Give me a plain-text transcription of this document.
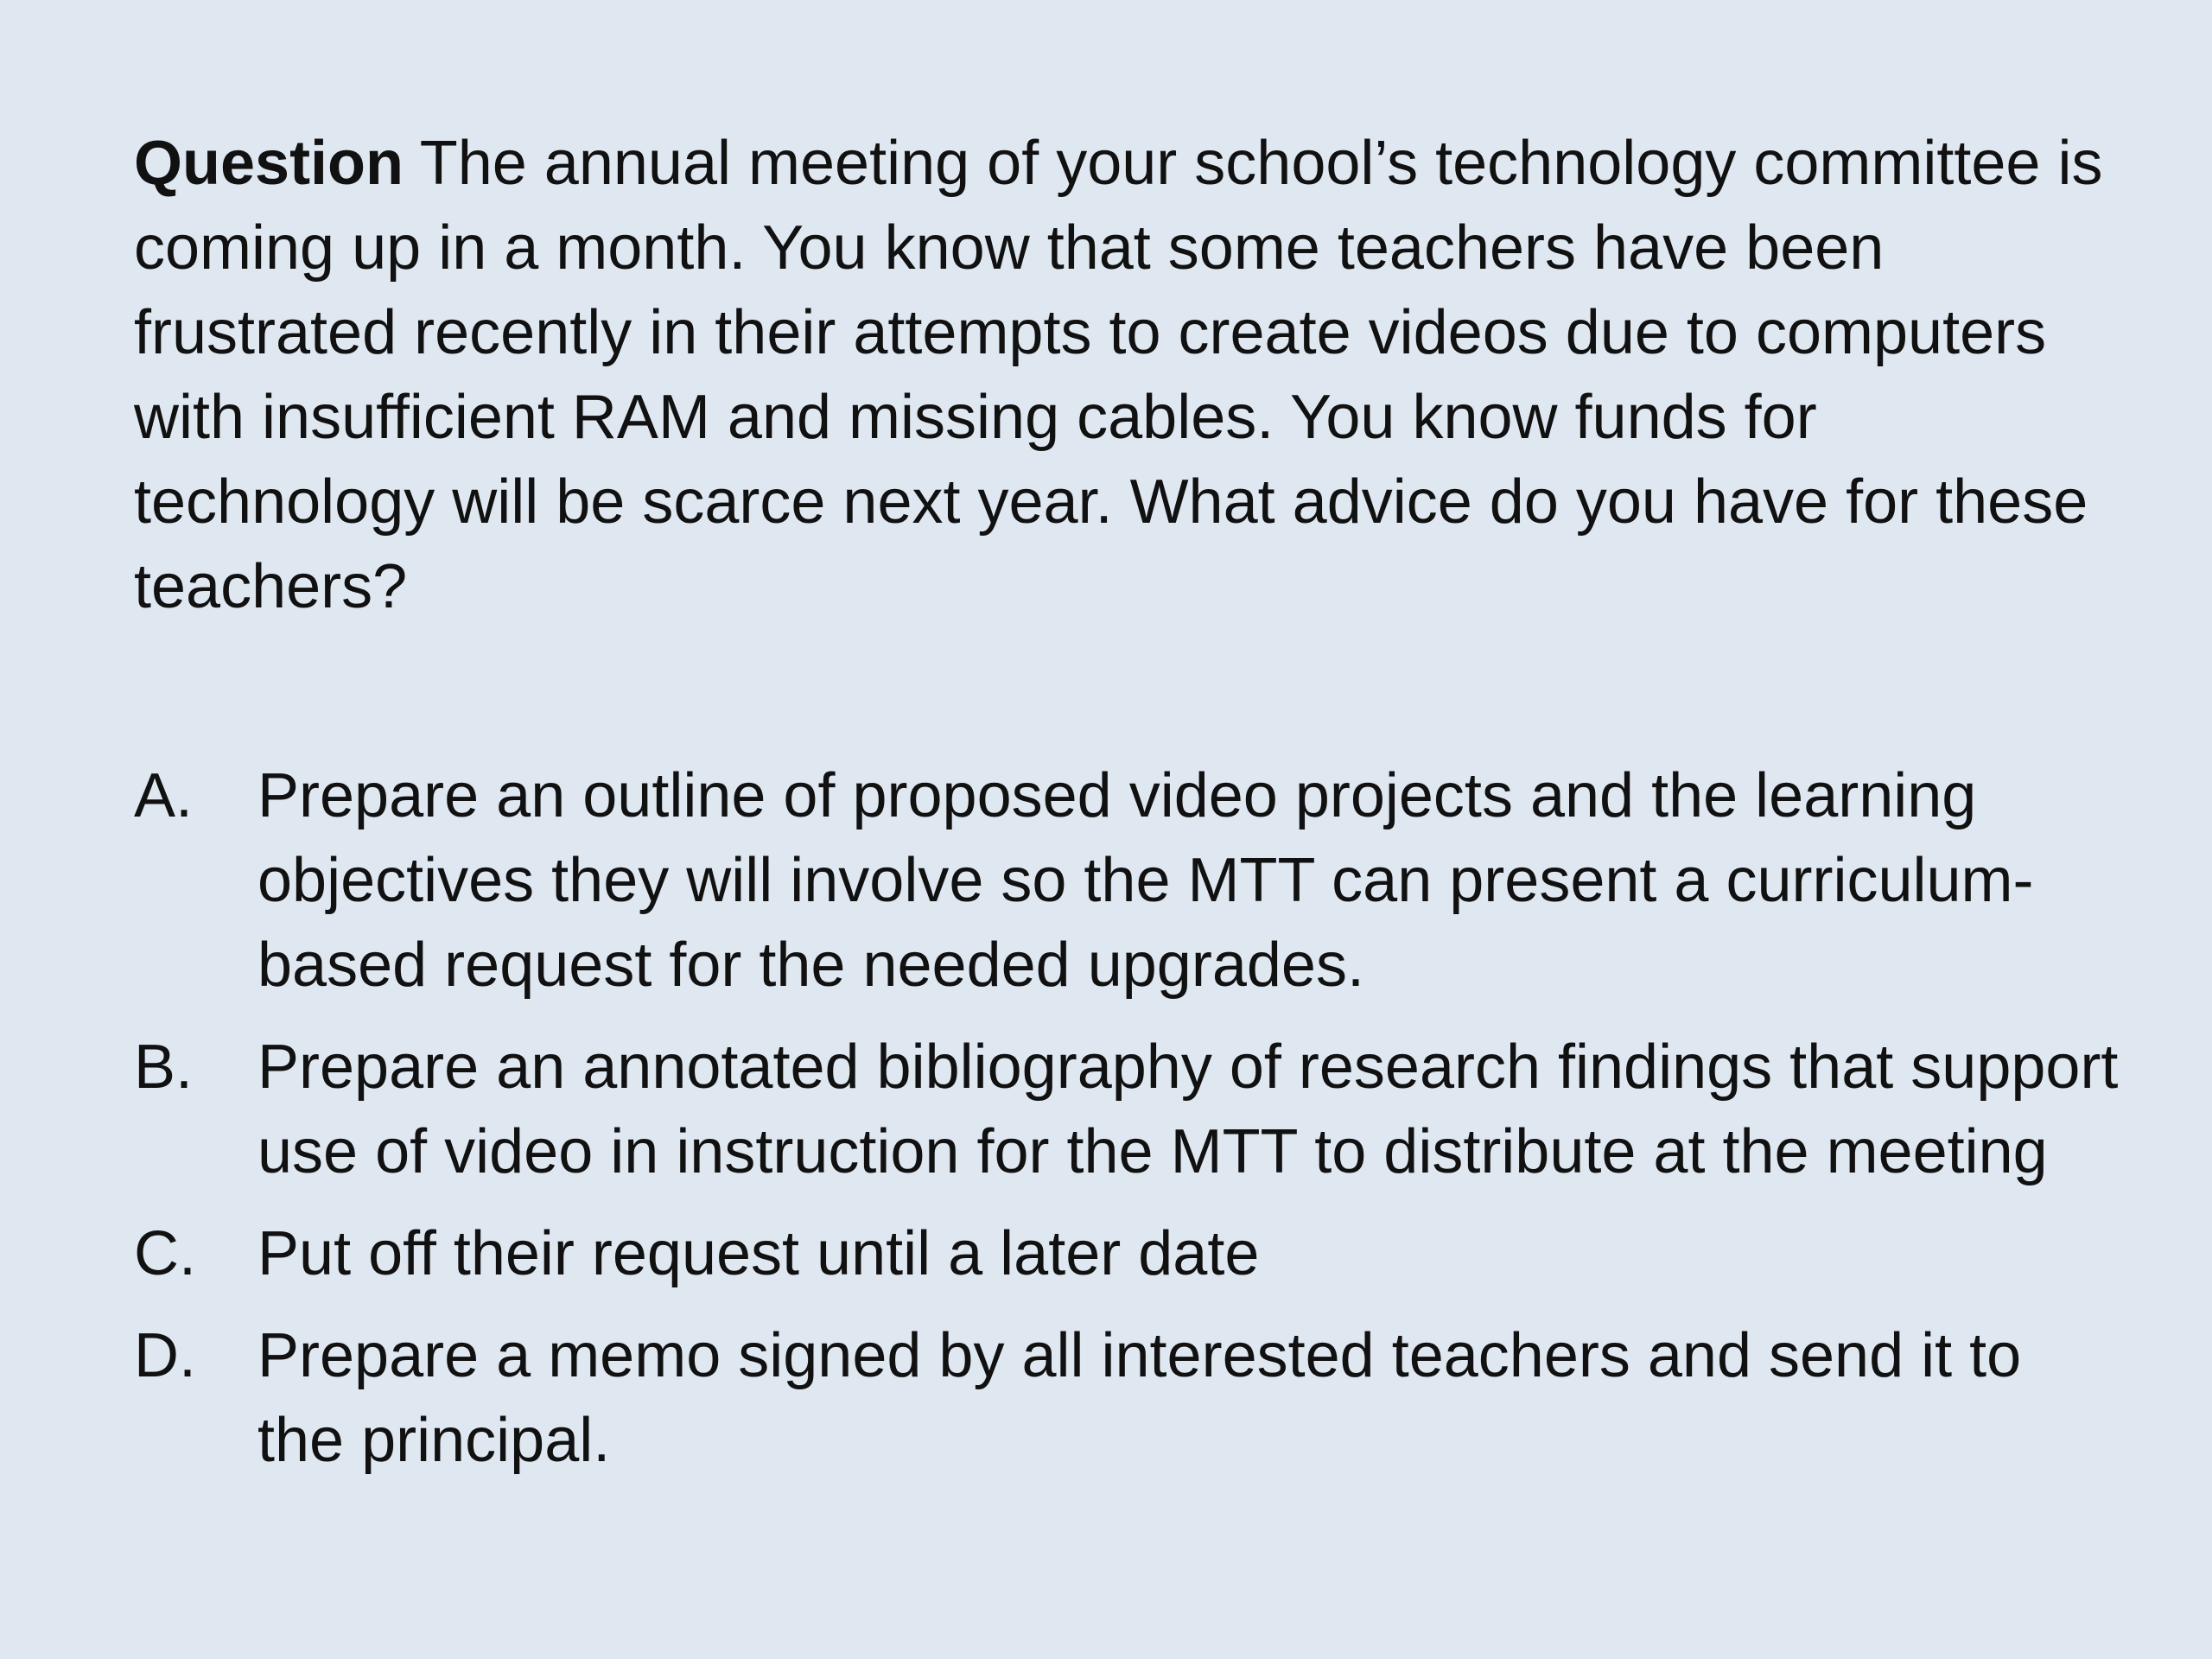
Question The annual meeting of your school’s technology committee is coming up in a month. You know that some teachers have been frustrated recently in their attempts to create videos due to computers with insufficient RAM and missing cables. You know funds for technology will be scarce next year. What advice do you have for these teachers?

A.	Prepare an outline of proposed video projects and the learning objectives they will involve so the MTT can present a curriculum-based request for the needed upgrades.
B.	Prepare an annotated bibliography of research findings that support use of video in instruction for the MTT to distribute at the meeting
C. Put off their request until a later date
D. Prepare a memo signed by all interested teachers and send it to the principal.
